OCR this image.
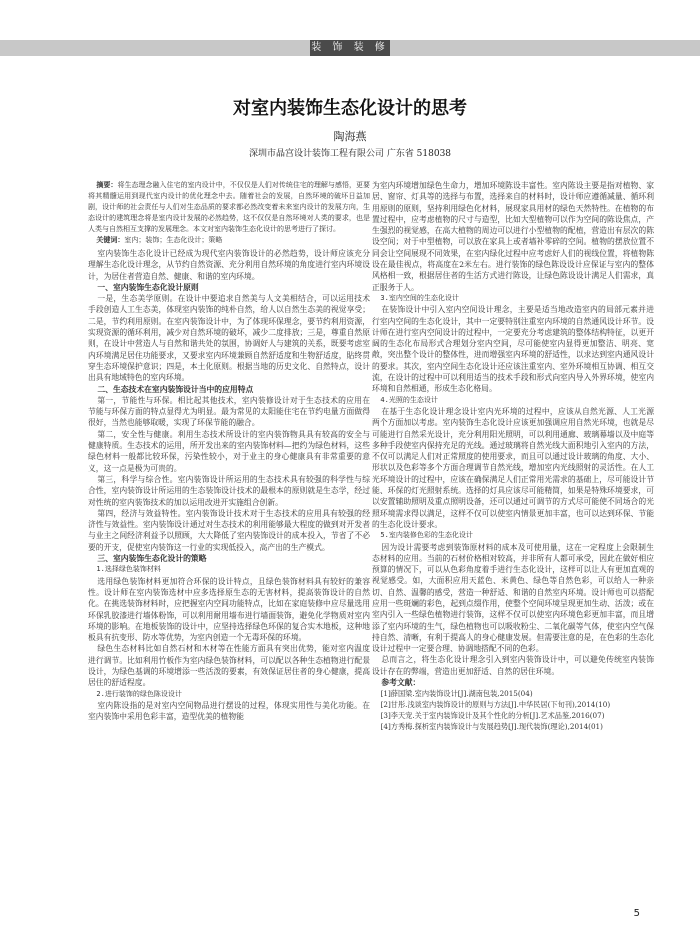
装 饰 装 修
对室内装饰生态化设计的思考
陶海燕
深圳市晶宫设计装饰工程有限公司 广东省 518038

摘要：将生态理念融入住宅的室内设计中，不仅仅是人们对传统住宅的理解与感悟，更要将其精髓运用到现代室内设计的优化理念中去。随着社会的发展，自然环境的破坏日益加剧，设计师的社会责任与人们对生态品质的要求都必然改变着未来室内设计的发展方向，生态设计的建筑理念将是室内设计发展的必然趋势，这不仅仅是自然环境对人类的要求，也是人类与自然相互支撑的发展理念。本文对室内装饰生态化设计的思考进行了探讨。

关键词：室内；装饰；生态化设计；策略

室内装饰生态化设计已经成为现代室内装饰设计的必然趋势，设计师应该充分理解生态化设计理念，从节约自然资源、充分利用自然环境的角度进行室内环境设计，为居住者营造自然、健康、和谐的室内环境。

一、室内装饰生态化设计原则

一是，生态美学原则。在设计中要追求自然美与人文美相结合，可以运用技术手段创造人工生态美，体现室内装饰的纯朴自然，给人以自然生态美的视觉享受；二是，节约利用原则。在室内装饰设计中，为了体现环保理念，要节约利用资源，实现资源的循环利用，减少对自然环境的破坏，减少二度排放；三是，尊重自然原则，在设计中营造人与自然和谐共处的氛围，协调好人与建筑的关系，既要考虑室内环境满足居住功能要求，又要求室内环境兼顾自然舒适度和生物舒适度，貼终贯穿生态环境保护意识；四是，本土化原则。根据当地的历史文化、自然特点，设计出具有地域特色的室内环境。

二、生态技术在室内装饰设计当中的应用特点

第一，节能性与环保。相比起其他技术，室内装修设计对于生态技术的应用在节能与环保方面的特点显得尤为明显。最为常见的太阳能住宅在节约电量方面做得很好，当然也能够取暖，实现了环保节能的融合。

第二，安全性与健康。利用生态技术所设计的室内装饰物具具有较高的安全与健康特质。生态技术的运用，所开发出来的室内装饰材料—把约为绿色材料，这些绿色材料一般都比较环保，污染性较小，对于业主的身心健康具有非常重要的意义，这一点是极为可贵的。

第三，科学与综合性。室内装饰设计所运用的生态技术具有较强的科学性与综合性，室内装饰设计所运用的生态装饰设计技术的最根本的原则就是生态学，经过对性统的室内装饰技术的加以运用改进开实施组合创新。

第四，经济与效益特性。室内装饰设计技术对于生态技术的应用具有较强的经济性与效益性。室内装饰设计通过对生态技术的利用能够最大程度的做到对开发者与业主之间经济利益予以照顾，大大降低了室内装饰设计的成本投入，节省了不必要的开支，促使室内装饰这一行业的实现低投入，高产出的生产模式。

三、室内装饰生态化设计的策略

1.选择绿色装饰材料

选用绿色装饰材料更加符合环保的设计特点，且绿色装饰材料具有较好的兼容性。设计师在室内装饰选材中应多选择原生态的无害材料，提高装饰设计的自然化。在挑选装饰材料时，应把握室内空间功能特点，比如在家庭装修中应尽量选用环保乳胶漆进行墙体粉饰，可以利用耐用墙布进行墙面装饰，避免化学物质对室内环境的影响。在地板装饰的设计中，应坚持选择绿色环保的复合实木地板，这种地板具有抗变形、防水等优势，为室内创造一个无毒环保的环境。

绿色生态材料比如自然石材和木材等在性能方面具有突出优势，能对室内温度进行调节。比如利用竹板作为室内绿色装饰材料，可以配以各种生态植物进行配景设计，为绿色基调的环境增添一些活泼的要素，有效保证居住者的身心健康，提高居住的舒适程度。

2.进行装饰的绿色陈设设计

室内陈设指的是对室内空间物品进行摆设的过程，体现实用性与美化功能。在室内装饰中采用色彩丰富，造型优美的植物能

为室内环境增加绿色生命力，增加环境陈设丰富性。室内陈设主要是指对植物、家居、窗帘、灯具等的选择与布置，选择来自的材料时，设计师应遵循减量、循环利用原则的原则，坚持利用绿色化材料，展现家具用材的绿色天然特性。在植物的布置过程中，应考虑植物的尺寸与造型，比如大型植物可以作为空间的陈设焦点，产生强烈的视觉感，在高大植物的周边可以进行小型植物的配植，营造出有层次的陈设空间；对于中型植物，可以放在家具上或者墙补零碎的空间。植物的摆放位置不同会让空间展现不同效果，在室内绿化过程中应考虑好人们的视线位置，将植物陈设在最佳视点，将高度在2米左右。进行装饰的绿色陈设设计应保证与室内的整体风格相一致，根据居住者的生活方式进行陈设，让绿色陈设设计满足人们需求，真正服务于人。

3.室内空间的生态化设计

在装饰设计中引入室内空间设计理念，主要是适当地改造室内的局部元素并进行室内空间的生态化设计，其中一定要特别注重室内环境的自然通风设计环节。设计师在进行室内空间设计的过程中，一定要充分考虑建筑的整体结构特征，以更开阔的生态化布局形式合理划分室内空间，尽可能使室内显得更加整洁、明亮、宽敞，突出整个设计的整体性，进而增强室内环境的舒适性，以求达到室内通风设计的要求。其次，室内空间生态化设计还应该注重室内、室外环境相互协调、相互交流，在设计的过程中可以利用适当的技术手段和形式向室内导入外界环境，使室内环境和自然相通，形成生态化格局。

4.光照的生态设计

在基于生态化设计理念设计室内光环境的过程中，应该从自然光源、人工光源两个方面加以考虑。室内装饰生态化设计应该更加强调应用自然光环境，也就是尽可能进行自然采光设计，充分利用阳光照明，可以利用通廊、玻璃幕墙以及中庭等多种手段使室内保持充足的光线。通过玻璃将自然光线大面积地引入室内的方法，不仅可以满足人们对正常照度的使用要求，而且可以通过设计玻璃的角度、大小、形状以及色彩等多个方面合理调节自然光线，增加室内光线照射的灵活性。在人工光环境设计的过程中，应该在确保满足人们正常用光需求的基础上，尽可能设计节能、环保的灯光照射系统。选择的灯具应该尽可能精简，如果是特殊环境要求，可以安置辅助照明及重点照明设备，还可以通过可调节的方式尽可能使不同场合的光照环境需求得以满足，这样不仅可以使室内情景更加丰富，也可以达到环保、节能的生态化设计要求。

5.室内装修色彩的生态化设计

因为设计需要考虑到装饰原材料的成本及可使用量，这在一定程度上会限制生态材料的应用。当前的石材价格相对较高，并非所有人都可承受，因此在做好相应预算的情况下，可以从色彩角度着手进行生态化设计，这样可以让人有更加直观的视觉感受。如，大面积应用天蓝色、米黄色、绿色等自然色彩，可以给人一种亲切、自然、温馨的感受，营造一种舒适、和谐的自然室内环境。设计师也可以搭配应用一些斑斓的彩色，起到点缀作用，使整个空间环境呈现更加生动、活泼；或在室内引入一些绿色植物进行装饰，这样不仅可以使室内环境色彩更加丰富，而且增添了室内环境的生气，绿色植物也可以吸收粉尘、二氧化碳等气体，使室内空气保持自然、清晰，有利于提高人的身心健康发展。但需要注意的是，在色彩的生态化设计过程中一定要合理、协调地搭配不同的色彩。

总而言之，将生态化设计理念引入到室内装饰设计中，可以避免传统室内装饰设计存在的弊端，营造出更加舒适、自然的居住环境。

参考文献：

[1]薛国梁.室内装饰设计[J].湖南包装,2015(04)

[2]甘彤.浅谈室内装饰设计的原则与方法[J].中华民居(下旬刊),2014(10)

[3]李天宠.关于室内装饰设计及其个性化的分析[J].艺术品鉴,2016(07)

[4]方秀梅.探析室内装饰设计与发展趋势[J].现代装饰(理论),2014(01)

5
